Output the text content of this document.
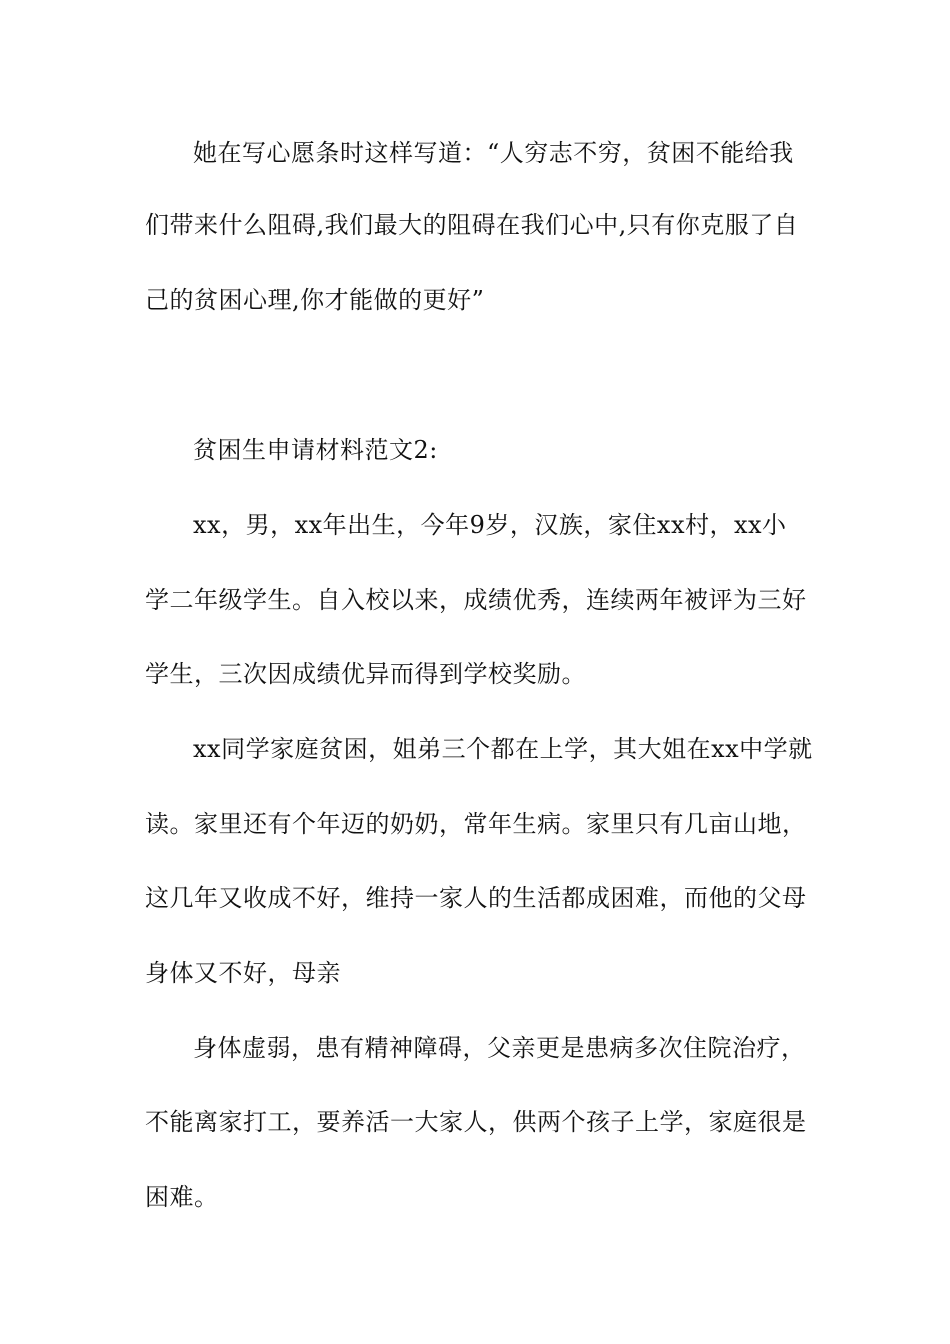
她在写心愿条时这样写道：“人穷志不穷，贫困不能给我
们带来什么阻碍,我们最大的阻碍在我们心中,只有你克服了自
己的贫困心理,你才能做的更好”
贫困生申请材料范文2:
xx，男，xx年出生，今年9岁，汉族，家住xx村，xx小
学二年级学生。自入校以来，成绩优秀，连续两年被评为三好
学生，三次因成绩优异而得到学校奖励。
xx同学家庭贫困，姐弟三个都在上学，其大姐在xx中学就
读。家里还有个年迈的奶奶，常年生病。家里只有几亩山地，
这几年又收成不好，维持一家人的生活都成困难，而他的父母
身体又不好，母亲
身体虚弱，患有精神障碍，父亲更是患病多次住院治疗，
不能离家打工，要养活一大家人，供两个孩子上学，家庭很是
困难。
